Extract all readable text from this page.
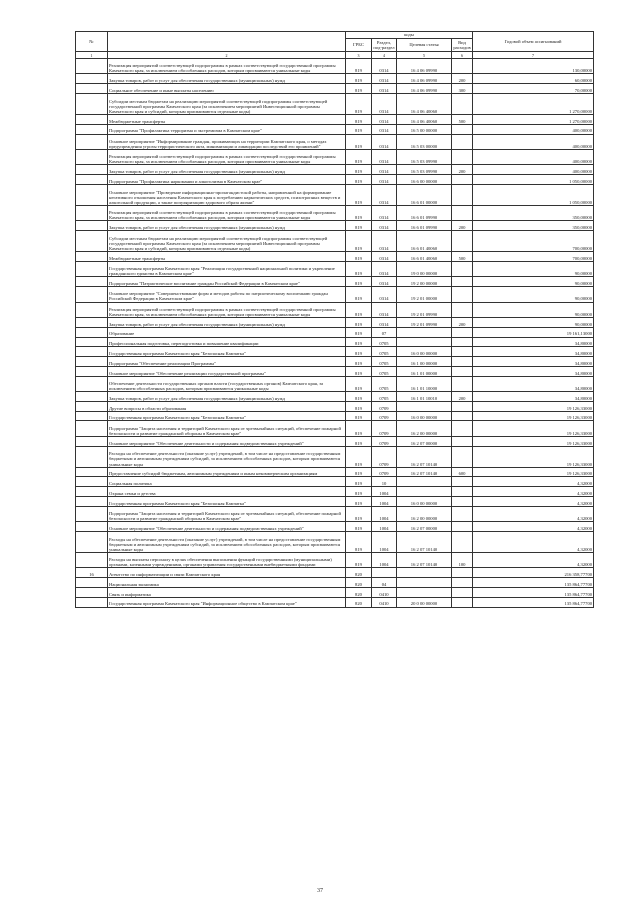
№		коды				Годовой объем ассигнований
		ГРБС	Раздел, под-раздел	Целевая статья	Вид расходов	
1	2	3	4	5	6	7
	Реализация мероприятий соответствующей подпрограммы в рамках соответствующей государственной программы Камчатского края, за исключением обособленных расходов, которым присваиваются уникальные коды	819	0314	16 4 06 09990		130,00000
	Закупка товаров, работ и услуг для обеспечения государственных (муниципальных) нужд	819	0314	16 4 06 09990	200	60,00000
	Социальное обеспечение и иные выплаты населению	819	0314	16 4 06 09990	300	70,00000
	Субсидии местным бюджетам на реализацию мероприятий соответствующей подпрограммы соответствующей государственной программы Камчатского края (за исключением мероприятий Инвестиционной программы Камчатского края и субсидий, которым присваиваются отдельные коды)	819	0314	16 4 06 40060		1 270,00000
	Межбюджетные трансферты	819	0314	16 4 06 40060	500	1 270,00000
	Подпрограмма "Профилактика терроризма и экстремизма в Камчатском крае"	819	0314	16 5 00 00000		400,00000
	Основное мероприятие "Информирование граждан, проживающих на территории Камчатского края, о методах предупреждения угрозы террористического акта, минимизации и ликвидации последствий его проявлений"	819	0314	16 5 03 00000		400,00000
	Реализация мероприятий соответствующей подпрограммы в рамках соответствующей государственной программы Камчатского края, за исключением обособленных расходов, которым присваиваются уникальные коды	819	0314	16 5 03 09990		400,00000
	Закупка товаров, работ и услуг для обеспечения государственных (муниципальных) нужд	819	0314	16 5 03 09990	200	400,00000
	Подпрограмма "Профилактика наркомании и алкоголизма в Камчатском крае"	819	0314	16 6 00 00000		1 050,00000
	Основное мероприятие "Проведение информационно-пропагандистской работы, направленной на формирование негативного отношения населения Камчатского края к потреблению наркотических средств, психотропных веществ и алкогольной продукции, а также популяризацию здорового образа жизни"	819	0314	16 6 01 00000		1 050,00000
	Реализация мероприятий соответствующей подпрограммы в рамках соответствующей государственной программы Камчатского края, за исключением обособленных расходов, которым присваиваются уникальные коды	819	0314	16 6 01 09990		350,00000
	Закупка товаров, работ и услуг для обеспечения государственных (муниципальных) нужд	819	0314	16 6 01 09990	200	350,00000
	Субсидии местным бюджетам на реализацию мероприятий соответствующей подпрограммы соответствующей государственной программы Камчатского края (за исключением мероприятий Инвестиционной программы Камчатского края и субсидий, которым присваиваются отдельные коды)	819	0314	16 6 01 40060		700,00000
	Межбюджетные трансферты	819	0314	16 6 01 40060	500	700,00000
	Государственная программа Камчатского края "Реализация государственной национальной политики и укрепление гражданского единства в Камчатском крае"	819	0314	19 0 00 00000		90,00000
	Подпрограмма "Патриотическое воспитание граждан Российской Федерации в Камчатском крае"	819	0314	19 2 00 00000		90,00000
	Основное мероприятие "Совершенствование форм и методов работы по патриотическому воспитанию граждан Российской Федерации в Камчатском крае"	819	0314	19 2 01 00000		90,00000
	Реализация мероприятий соответствующей подпрограммы в рамках соответствующей государственной программы Камчатского края, за исключением обособленных расходов, которым присваиваются уникальные коды	819	0314	19 2 01 09990		90,00000
	Закупка товаров, работ и услуг для обеспечения государственных (муниципальных) нужд	819	0314	19 2 01 09990	200	90,00000
	Образование	819	07			19 161,13000
	Профессиональная подготовка, переподготовка и повышение квалификации	819	0705			34,80000
	Государственная программа Камчатского края "Безопасная Камчатка"	819	0705	16 0 00 00000		34,80000
	Подпрограмма "Обеспечение реализации Программы"	819	0705	16 1 00 00000		34,80000
	Основное мероприятие "Обеспечение реализации государственной программы"	819	0705	16 1 01 00000		34,80000
	Обеспечение деятельности государственных органов власти (государственных органов) Камчатского края, за исключением обособленных расходов, которым присваиваются уникальные коды	819	0705	16 1 01 10000		34,80000
	Закупка товаров, работ и услуг для обеспечения государственных (муниципальных) нужд	819	0705	16 1 01 10010	200	34,80000
	Другие вопросы в области образования	819	0709			19 126,33000
	Государственная программа Камчатского края "Безопасная Камчатка"	819	0709	16 0 00 00000		19 126,33000
	Подпрограмма "Защита населения и территорий Камчатского края от чрезвычайных ситуаций, обеспечение пожарной безопасности и развитие гражданской обороны в Камчатском крае"	819	0709	16 2 00 00000		19 126,33000
	Основное мероприятие "Обеспечение деятельности и содержания подведомственных учреждений"	819	0709	16 2 07 00000		19 126,33000
	Расходы на обеспечение деятельности (оказание услуг) учреждений, в том числе на предоставление государственным бюджетным и автономным учреждениям субсидий, за исключением обособленных расходов, которым присваиваются уникальные коды	819	0709	16 2 07 10140		19 126,33000
	Предоставление субсидий бюджетным, автономным учреждениям и иным некоммерческим организациям	819	0709	16 2 07 10140	600	19 126,33000
	Социальная политика	819	10			4,32000
	Охрана семьи и детства	819	1004			4,32000
	Государственная программа Камчатского края "Безопасная Камчатка"	819	1004	16 0 00 00000		4,32000
	Подпрограмма "Защита населения и территорий Камчатского края от чрезвычайных ситуаций, обеспечение пожарной безопасности и развитие гражданской обороны в Камчатском крае"	819	1004	16 2 00 00000		4,32000
	Основное мероприятие "Обеспечение деятельности и содержания подведомственных учреждений"	819	1004	16 2 07 00000		4,32000
	Расходы на обеспечение деятельности (оказание услуг) учреждений, в том числе на предоставление государственным бюджетным и автономным учреждениям субсидий, за исключением обособленных расходов, которым присваиваются уникальные коды	819	1004	16 2 07 10140		4,32000
	Расходы на выплаты персоналу в целях обеспечения выполнения функций государственными (муниципальными) органами, казенными учреждениями, органами управления государственными внебюджетными фондами	819	1004	16 2 07 10140	100	4,32000
16	Агентство по информатизации и связи Камчатского края	820				216 358,77700
	Национальная экономика	820	04			135 864,77700
	Связь и информатика	820	0410			135 864,77700
	Государственная программа Камчатского края "Информационное общество в Камчатском крае"	820	0410	20 0 00 00000		135 864,77700
37
